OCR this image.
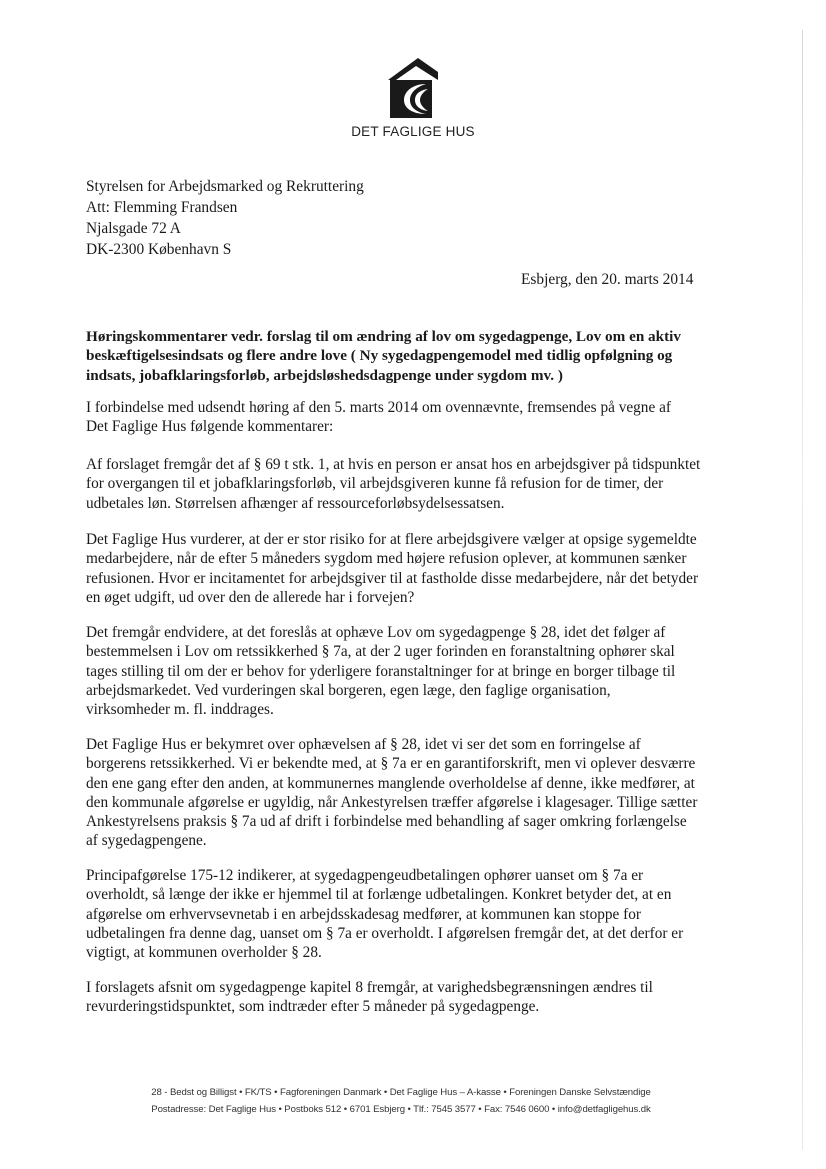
DET FAGLIGE HUS
Styrelsen for Arbejdsmarked og Rekruttering
Att: Flemming Frandsen
Njalsgade 72 A
DK-2300 København S
Esbjerg, den 20. marts 2014
Høringskommentarer vedr. forslag til om ændring af lov om sygedagpenge, Lov om en aktiv
beskæftigelsesindsats og flere andre love ( Ny sygedagpengemodel med tidlig opfølgning og
indsats, jobafklaringsforløb, arbejdsløshedsdagpenge under sygdom mv. )
I forbindelse med udsendt høring af den 5. marts 2014 om ovennævnte, fremsendes på vegne af
Det Faglige Hus følgende kommentarer:
Af forslaget fremgår det af § 69 t stk. 1, at hvis en person er ansat hos en arbejdsgiver på tidspunktet
for overgangen til et jobafklaringsforløb, vil arbejdsgiveren kunne få refusion for de timer, der
udbetales løn. Størrelsen afhænger af ressourceforløbsydelsessatsen.
Det Faglige Hus vurderer, at der er stor risiko for at flere arbejdsgivere vælger at opsige sygemeldte
medarbejdere, når de efter 5 måneders sygdom med højere refusion oplever, at kommunen sænker
refusionen. Hvor er incitamentet for arbejdsgiver til at fastholde disse medarbejdere, når det betyder
en øget udgift, ud over den de allerede har i forvejen?
Det fremgår endvidere, at det foreslås at ophæve Lov om sygedagpenge § 28, idet det følger af
bestemmelsen i Lov om retssikkerhed § 7a, at der 2 uger forinden en foranstaltning ophører skal
tages stilling til om der er behov for yderligere foranstaltninger for at bringe en borger tilbage til
arbejdsmarkedet. Ved vurderingen skal borgeren, egen læge, den faglige organisation,
virksomheder m. fl. inddrages.
Det Faglige Hus er bekymret over ophævelsen af § 28, idet vi ser det som en forringelse af
borgerens retssikkerhed. Vi er bekendte med, at § 7a er en garantiforskrift, men vi oplever desværre
den ene gang efter den anden, at kommunernes manglende overholdelse af denne, ikke medfører, at
den kommunale afgørelse er ugyldig, når Ankestyrelsen træffer afgørelse i klagesager. Tillige sætter
Ankestyrelsens praksis § 7a ud af drift i forbindelse med behandling af sager omkring forlængelse
af sygedagpengene.
Principafgørelse 175-12 indikerer, at sygedagpengeudbetalingen ophører uanset om § 7a er
overholdt, så længe der ikke er hjemmel til at forlænge udbetalingen. Konkret betyder det, at en
afgørelse om erhvervsevnetab i en arbejdsskadesag medfører, at kommunen kan stoppe for
udbetalingen fra denne dag, uanset om § 7a er overholdt. I afgørelsen fremgår det, at det derfor er
vigtigt, at kommunen overholder § 28.
I forslagets afsnit om sygedagpenge kapitel 8 fremgår, at varighedsbegrænsningen ændres til
revurderingstidspunktet, som indtræder efter 5 måneder på sygedagpenge.
28 - Bedst og Billigst • FK/TS • Fagforeningen Danmark • Det Faglige Hus – A-kasse • Foreningen Danske Selvstændige
Postadresse: Det Faglige Hus • Postboks 512 • 6701 Esbjerg • Tlf.: 7545 3577 • Fax: 7546 0600 • info@detfagligehus.dk
